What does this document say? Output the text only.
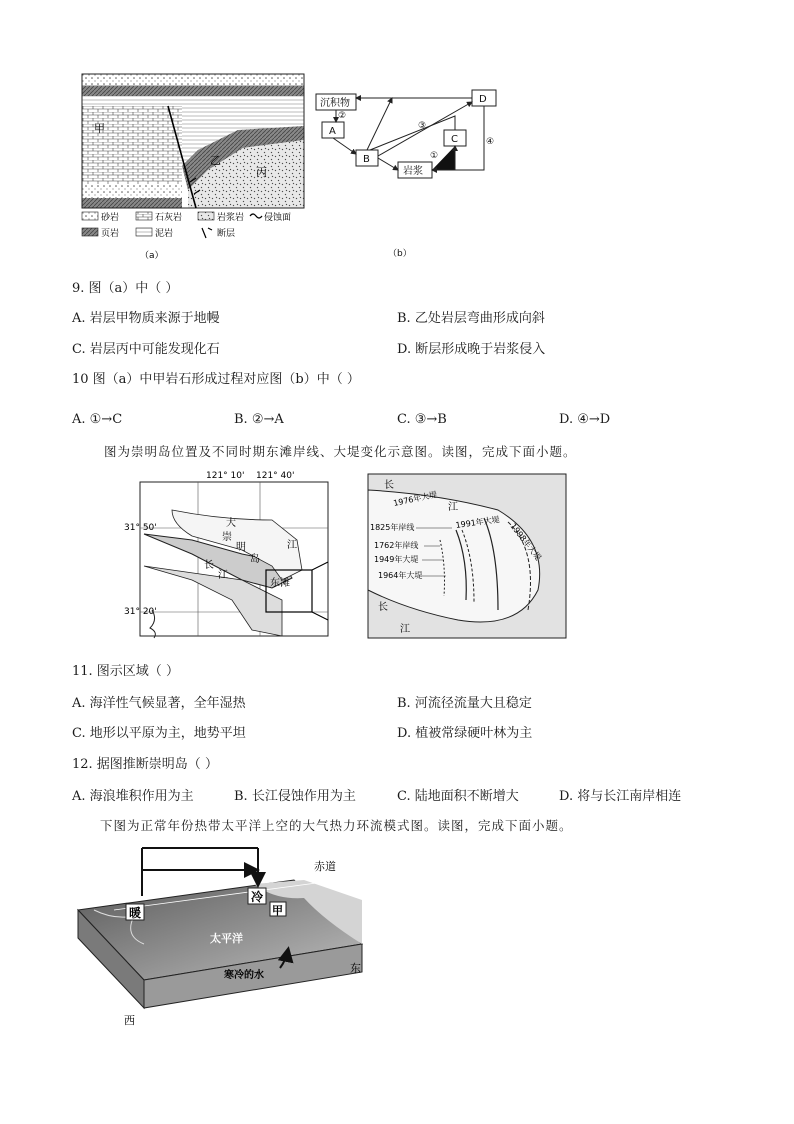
甲
乙
丙
砂岩	石灰岩	岩浆岩 侵蚀面
页岩	泥岩	断层
（a）
沉积物
A
B
C
D
岩浆
②
③
①
④
（b）
9. 图（a）中（ ）
A. 岩层甲物质来源于地幔	B. 乙处岩层弯曲形成向斜
C. 岩层丙中可能发现化石	D. 断层形成晚于岩浆侵入
10 图（a）中甲岩石形成过程对应图（b）中（ ）
A. ①→C	B. ②→A	C. ③→B	D. ④→D
图为崇明岛位置及不同时期东滩岸线、大堤变化示意图。读图，完成下面小题。
121° 10' 121° 40'
31° 50'
31° 20'
崇
明
岛
大
江
长
江
东滩
长
江
1976年大堤
1991年大堤 1998年大堤
1825年岸线
1762年岸线
1949年大堤
1964年大堤
长
江
11. 图示区域（ ）
A. 海洋性气候显著，全年湿热	B. 河流径流量大且稳定
C. 地形以平原为主，地势平坦	D. 植被常绿硬叶林为主
12. 据图推断崇明岛（ ）
A. 海浪堆积作用为主	B. 长江侵蚀作用为主	C. 陆地面积不断增大	D. 将与长江南岸相连
下图为正常年份热带太平洋上空的大气热力环流模式图。读图，完成下面小题。
暖
冷
甲
赤道
太平洋
寒冷的水
东
西
